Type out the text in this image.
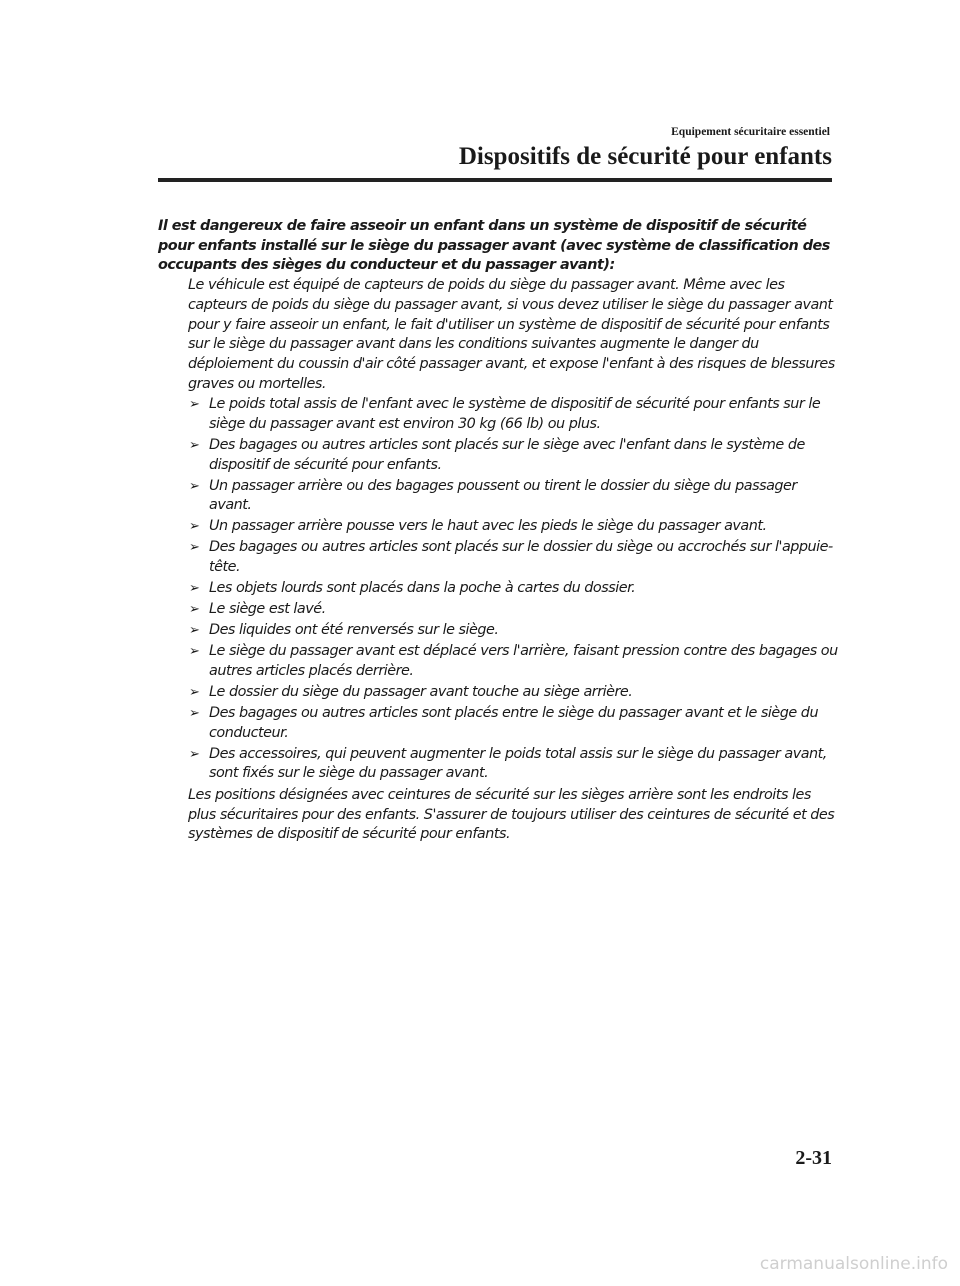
Equipement sécuritaire essentiel
Dispositifs de sécurité pour enfants

Il est dangereux de faire asseoir un enfant dans un système de dispositif de sécurité pour enfants installé sur le siège du passager avant (avec système de classification des occupants des sièges du conducteur et du passager avant):

Le véhicule est équipé de capteurs de poids du siège du passager avant. Même avec les capteurs de poids du siège du passager avant, si vous devez utiliser le siège du passager avant pour y faire asseoir un enfant, le fait d'utiliser un système de dispositif de sécurité pour enfants sur le siège du passager avant dans les conditions suivantes augmente le danger du déploiement du coussin d'air côté passager avant, et expose l'enfant à des risques de blessures graves ou mortelles.

➢ Le poids total assis de l'enfant avec le système de dispositif de sécurité pour enfants sur le siège du passager avant est environ 30 kg (66 lb) ou plus.
➢ Des bagages ou autres articles sont placés sur le siège avec l'enfant dans le système de dispositif de sécurité pour enfants.
➢ Un passager arrière ou des bagages poussent ou tirent le dossier du siège du passager avant.
➢ Un passager arrière pousse vers le haut avec les pieds le siège du passager avant.
➢ Des bagages ou autres articles sont placés sur le dossier du siège ou accrochés sur l'appuie-tête.
➢ Les objets lourds sont placés dans la poche à cartes du dossier.
➢ Le siège est lavé.
➢ Des liquides ont été renversés sur le siège.
➢ Le siège du passager avant est déplacé vers l'arrière, faisant pression contre des bagages ou autres articles placés derrière.
➢ Le dossier du siège du passager avant touche au siège arrière.
➢ Des bagages ou autres articles sont placés entre le siège du passager avant et le siège du conducteur.
➢ Des accessoires, qui peuvent augmenter le poids total assis sur le siège du passager avant, sont fixés sur le siège du passager avant.

Les positions désignées avec ceintures de sécurité sur les sièges arrière sont les endroits les plus sécuritaires pour des enfants. S'assurer de toujours utiliser des ceintures de sécurité et des systèmes de dispositif de sécurité pour enfants.

2-31
carmanualsonline.info
